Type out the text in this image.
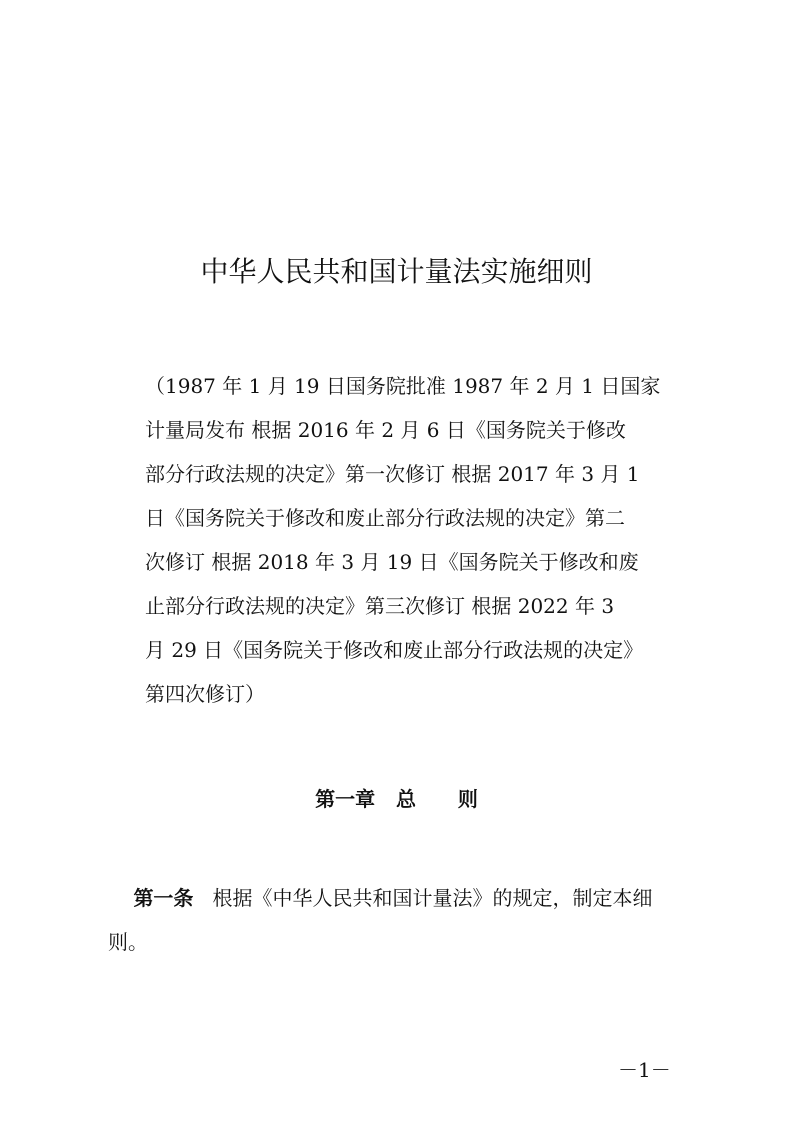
中华人民共和国计量法实施细则
（1987 年 1 月 19 日国务院批准 1987 年 2 月 1 日国家
计量局发布 根据 2016 年 2 月 6 日《国务院关于修改
部分行政法规的决定》第一次修订 根据 2017 年 3 月 1
日《国务院关于修改和废止部分行政法规的决定》第二
次修订 根据 2018 年 3 月 19 日《国务院关于修改和废
止部分行政法规的决定》第三次修订 根据 2022 年 3
月 29 日《国务院关于修改和废止部分行政法规的决定》
第四次修订）
第一章   总      则
第一条   根据《中华人民共和国计量法》的规定，制定本细
则。
－1－
